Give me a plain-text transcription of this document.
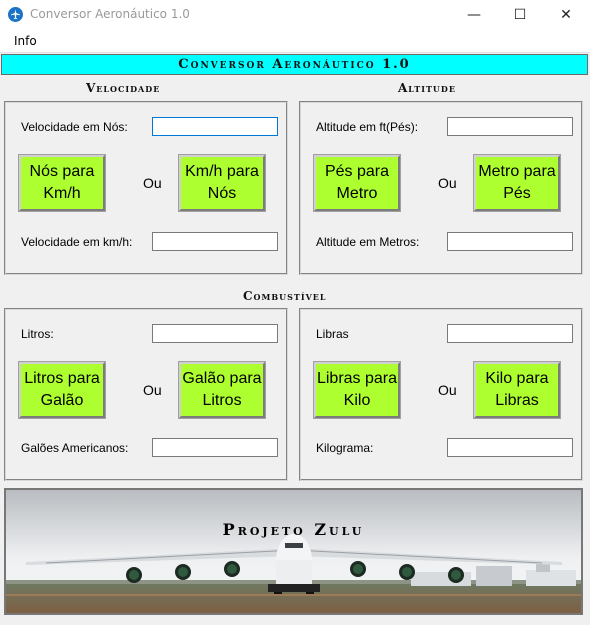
Conversor Aeronáutico 1.0	—	☐	✕
Info
Conversor Aeronáutico 1.0
Velocidade	Altitude
Combustível
Velocidade em Nós:
Nós para Km/h
Ou
Km/h para Nós
Velocidade em km/h:
Altitude em ft(Pés):
Pés para Metro
Ou
Metro para Pés
Altitude em Metros:
Litros:
Litros para Galão
Ou
Galão para Litros
Galões Americanos:
Libras
Libras para Kilo
Ou
Kilo para Libras
Kilograma:
Projeto Zulu
